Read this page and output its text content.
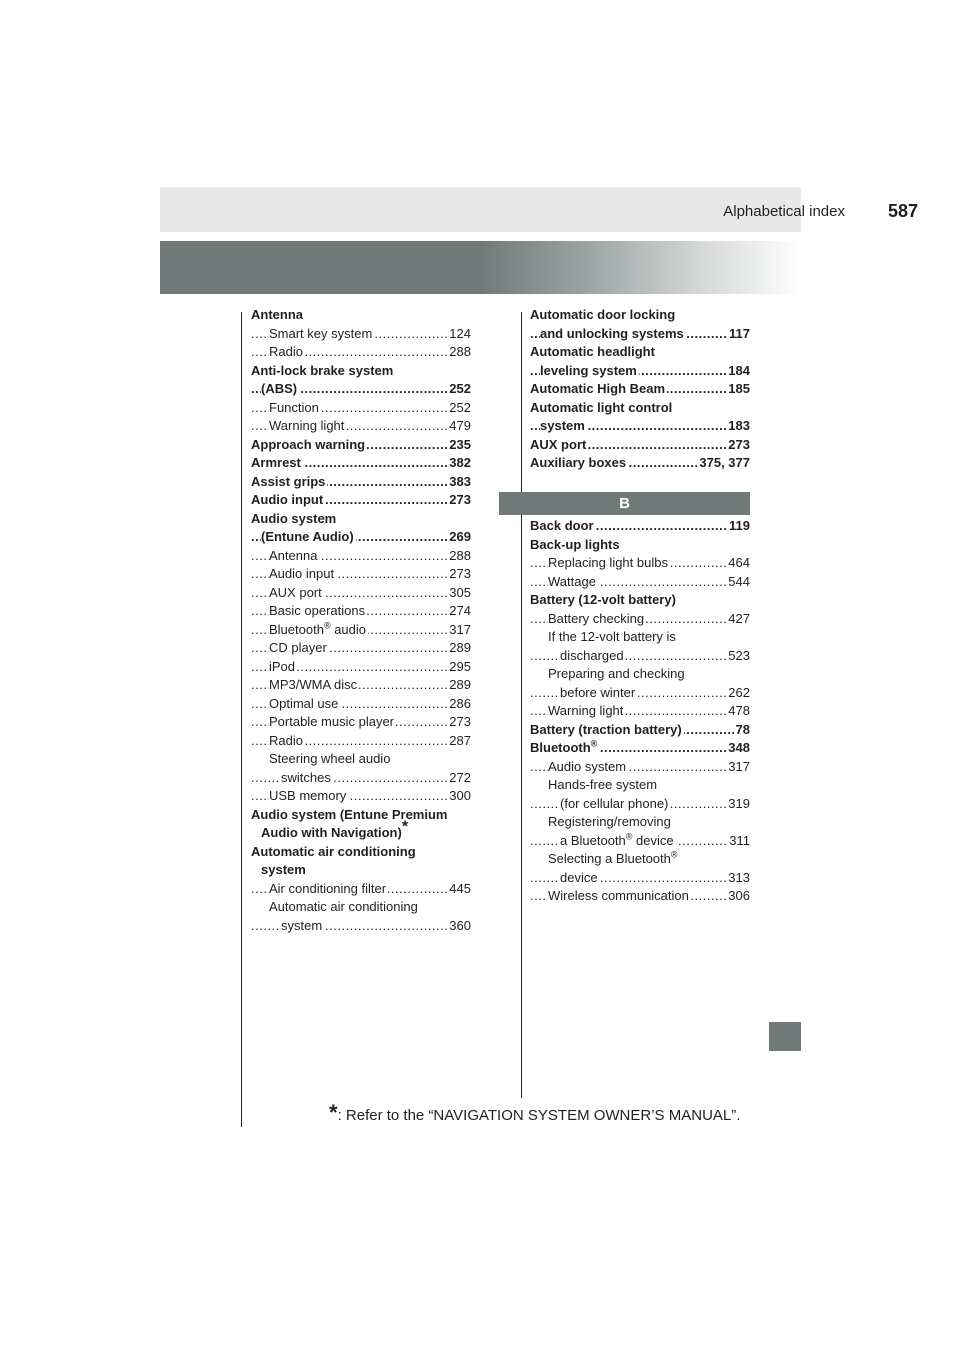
Alphabetical index 587
Antenna
Smart key system	124
.....
Radio	288
.....
Anti-lock brake system
(ABS)	252
.....
Function	252
.....
Warning light	479
.....
Approach warning	235
.....
Armrest	382
.....
Assist grips	383
.....
Audio input	273
.....
Audio system
(Entune Audio)	269
.....
Antenna	288
.....
Audio input	273
.....
AUX port	305
.....
Basic operations	274
.....
Bluetooth® audio	317
.....
CD player	289
.....
iPod	295
.....
MP3/WMA disc	289
.....
Optimal use	286
.....
Portable music player	273
.....
Radio	287
.....
Steering wheel audio
switches	272
.....
USB memory	300
.....
Audio system (Entune Premium
Audio with Navigation)*
Automatic air conditioning
system
Air conditioning filter	445
.....
Automatic air conditioning
system	360
.....
Automatic door locking
and unlocking systems	117
.....
Automatic headlight
leveling system	184
.....
Automatic High Beam	185
.....
Automatic light control
system	183
.....
AUX port	273
.....
Auxiliary boxes	375, 377
.....
B
Back door	119
.....
Back-up lights
Replacing light bulbs	464
.....
Wattage	544
.....
Battery (12-volt battery)
Battery checking	427
.....
If the 12-volt battery is
discharged	523
.....
Preparing and checking
before winter	262
.....
Warning light	478
.....
Battery (traction battery)	78
.....
Bluetooth®	348
.....
Audio system	317
.....
Hands-free system
(for cellular phone)	319
.....
Registering/removing
a Bluetooth® device	311
.....
Selecting a Bluetooth®
device	313
.....
Wireless communication	306
.....
*: Refer to the “NAVIGATION SYSTEM OWNER’S MANUAL”.
